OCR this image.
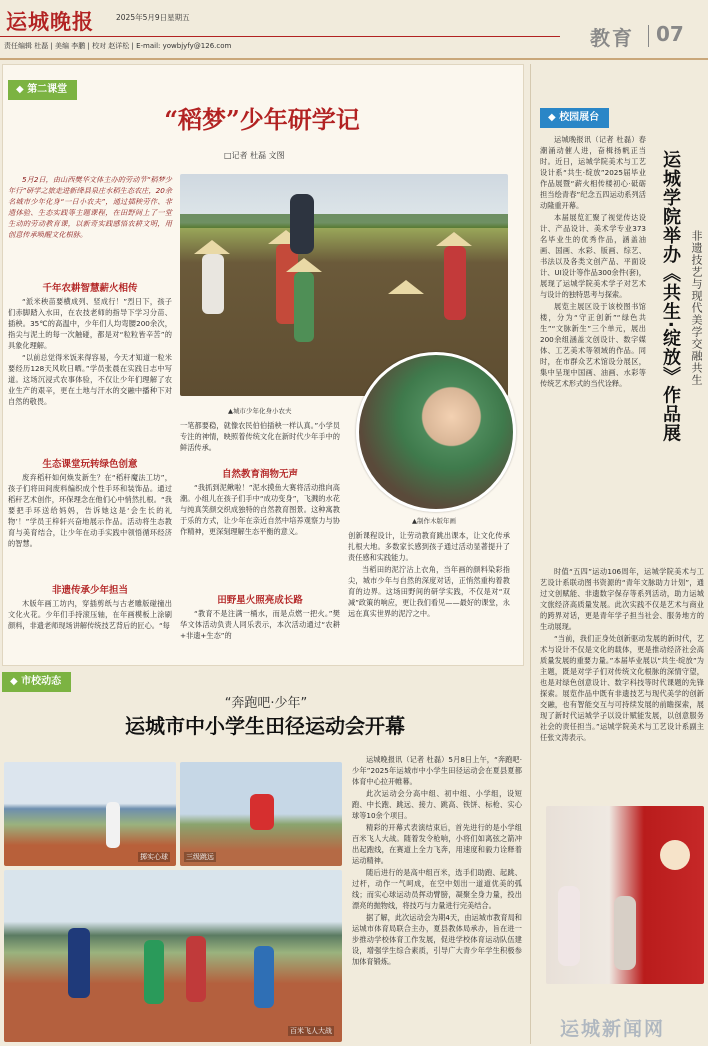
运城晚报	2025年5月9日星期五
责任编辑 杜磊 | 美编 李鹏 | 校对 赵详松 | E-mail: yowbjyfy@126.com	教育 07
◆ 第二课堂
“稻梦”少年研学记
□记者 杜磊 文图

5月2日，由山西樊华文体主办的劳动节“稻梦少年行”研学之旅走进新绛县泉庄水稻生态农庄，20余名城市少年化身“一日小农夫”，通过插秧劳作、非遗体验、生态实践等主题课程，在田野间上了一堂生动的劳动教育课，以新奇实践感悟农耕文明，用创意传承唤醒文化根脉。

千年农耕智慧薪火相传

“派米秧苗要横成列、竖成行！”烈日下，孩子们赤脚踏入水田，在农技老师的指导下学习分苗、插秧。35℃的高温中，少年们人均弯腰200余次，指尖与泥土的每一次触碰，都是对“粒粒皆辛苦”的具象化理解。

“以前总觉得米饭来得容易，今天才知道一粒米要经历128天风吹日晒。”学员张晨在实践日志中写道。这场沉浸式农事体验，不仅让少年们理解了农业生产的艰辛，更在土地与汗水的交融中播种下对自然的敬畏。

生态课堂玩转绿色创意

废弃稻秆如何焕发新生？在“稻秆魔法工坊”，孩子们将田间废料编织成个性手环和装饰品。通过稻秆艺术创作，环保理念在他们心中悄然扎根。“我要把手环送给妈妈，告诉她这是‘会生长的礼物’！”学员王梓轩兴奋地展示作品。活动将生态教育与美育结合，让少年在动手实践中领悟循环经济的智慧。

非遗传承少年担当

木版年画工坊内，穿插剪纸与古老雕版碰撞出文化火花。少年们手持滚压轴，在年画模板上涂刷颜料，非遗老师现场讲解传统技艺背后的匠心。“每

▲城市少年化身小农夫
▲制作木版年画

一笔都要稳，就像农民伯伯插秧一样认真。”小学员专注的神情，映照着传统文化在新时代少年手中的鲜活传承。

自然教育润物无声

“我抓到泥鳅啦！”泥水摸鱼大赛将活动推向高潮。小组儿在孩子们手中“成功变身”，飞溅的水花与纯真笑颜交织成独特的自然教育图景。这种寓教于乐的方式，让少年在亲近自然中培养观察力与协作精神，更深刻理解生态平衡的意义。

田野星火照亮成长路

“教育不是注满一桶水，而是点燃一把火。”樊华文体活动负责人同乐表示，本次活动通过“农耕+非遗+生态”的

创新课程设计，让劳动教育跳出课本，让文化传承扎根大地。多数家长感到孩子通过活动显著提升了责任感和实践能力。

当稻田的泥泞沾上衣角，当年画的颜料染彩指尖，城市少年与自然的深度对话，正悄然重构着教育的边界。这场田野间的研学实践，不仅是对“双减”政策的响应，更让我们看见——最好的课堂，永远在真实世界的泥泞之中。

◆ 校园展台

运城晚报讯（记者 杜磊）春潮涌动催人进，奋楫扬帆正当时。近日，运城学院美术与工艺设计系“共生·绽放”2025届毕业作品展暨“薪火相传楼初心·砥砺担当绘青春”纪念五四运动系列活动隆重开幕。

本届展览汇聚了视觉传达设计、产品设计、美术学专业373名毕业生的优秀作品，涵盖油画、国画、水彩、版画、综艺、书法以及各类文创产品、平面设计、UI设计等作品300余件(套)，展现了运城学院美术学子对艺术与设计的独特思考与探索。

展览主展区设于该校图书馆楼，分为“守正创新”“绿色共生”“文脉新生”三个单元，展出200余组涵盖文创设计、数字媒体、工艺美术等领域的作品。同时，在市群众艺术馆设分展区，集中呈现中国画、油画、水彩等传统艺术形式的当代诠释。	运城学院举办《共生·绽放》作品展 非遗技艺与现代美学交融共生

时值“五四”运动106周年，运城学院美术与工艺设计系联动图书资源的“青年文脉助力计划”，通过文创赋能、非遗数字保存等系列活动，助力运城文旅经济高质量发展。此次实践不仅是艺术与商业的跨界对话，更是青年学子担当社会、服务地方的生动展现。

“当前，我们正身处创新驱动发展的新时代，艺术与设计不仅是文化的载体，更是推动经济社会高质量发展的重要力量。”本届毕业展以“共生·绽放”为主题，既是对学子们对传统文化根脉的深情守望，也是对绿色创意设计、数字科技等时代课题的先锋探索。展览作品中既有非遗技艺与现代美学的创新交融，也有智能交互与可持续发展的前瞻探索，展现了新时代运城学子以设计赋能发展，以创意服务社会的责任担当。”运城学院美术与工艺设计系副主任张文涛表示。

◆ 市校动态
“奔跑吧·少年”
运城市中小学生田径运动会开幕
掷实心球	三级跳远
百米飞人大战

运城晚报讯（记者 杜磊）5月8日上午，“奔跑吧·少年”2025年运城市中小学生田径运动会在夏县夏都体育中心拉开帷幕。

此次运动会分高中组、初中组、小学组，设短跑、中长跑、跳远、接力、跳高、铁饼、标枪、实心球等10余个项目。

精彩的开幕式表演结束后，首先进行的是小学组百米飞人大战。随着发令枪响，小将们如离弦之箭冲出起跑线，在赛道上全力飞奔，用速度和毅力诠释着运动精神。

随后进行的是高中组百米，选手们助跑、起跳、过杆，动作一气呵成，在空中划出一道道优美的弧线；而实心球运动员挥动臂膀，凝聚全身力量，投出漂亮的抛物线，将技巧与力量进行完美结合。

据了解，此次运动会为期4天，由运城市教育局和运城市体育局联合主办，夏县教体局承办，旨在进一步推动学校体育工作发展，促进学校体育运动队伍建设，增强学生综合素质，引导广大青少年学生积极参加体育锻炼。

运城新闻网
